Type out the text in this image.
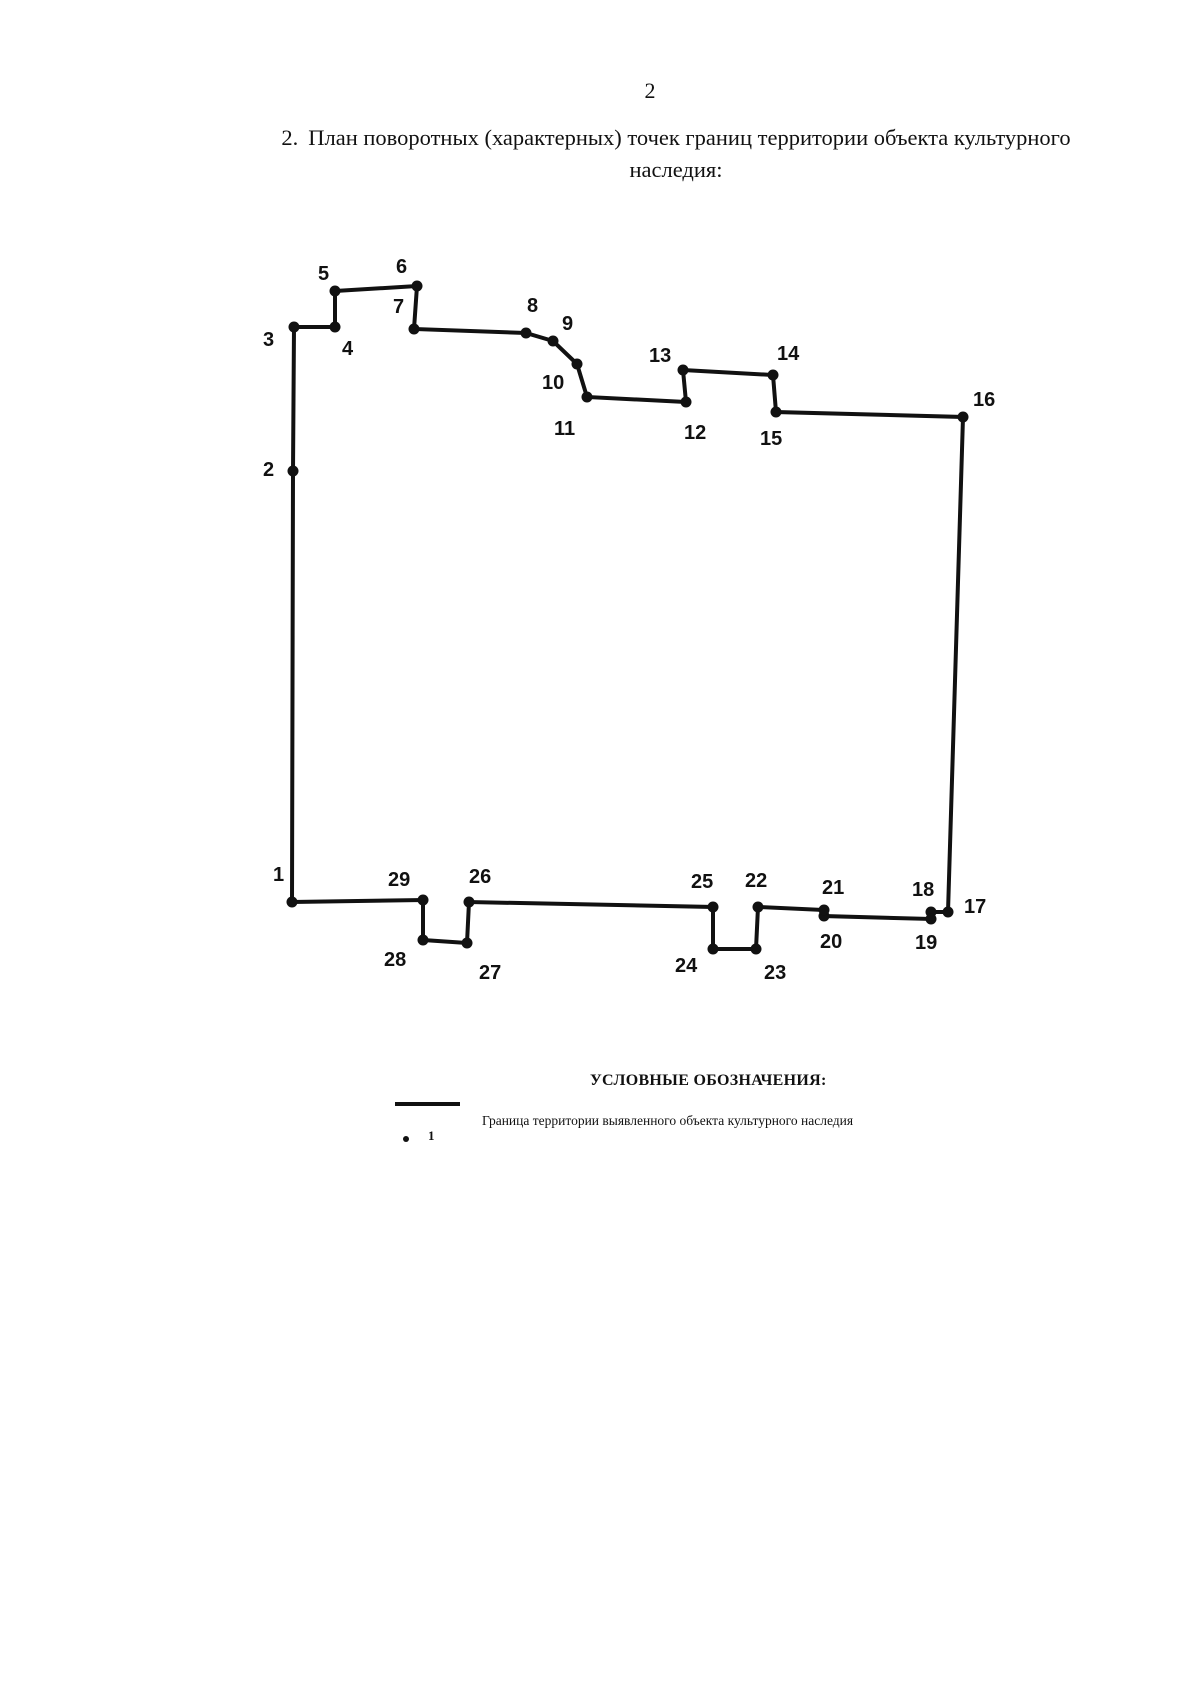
2
2. План поворотных (характерных) точек границ территории объекта культурного наследия:
1
2
3	4
5	6
7	8
9
10
11	12
13	14
15
16
17
18
19
20
21
22
23
24
25
26
27
28
29
УСЛОВНЫЕ ОБОЗНАЧЕНИЯ:
Граница территории выявленного объекта культурного наследия
1
